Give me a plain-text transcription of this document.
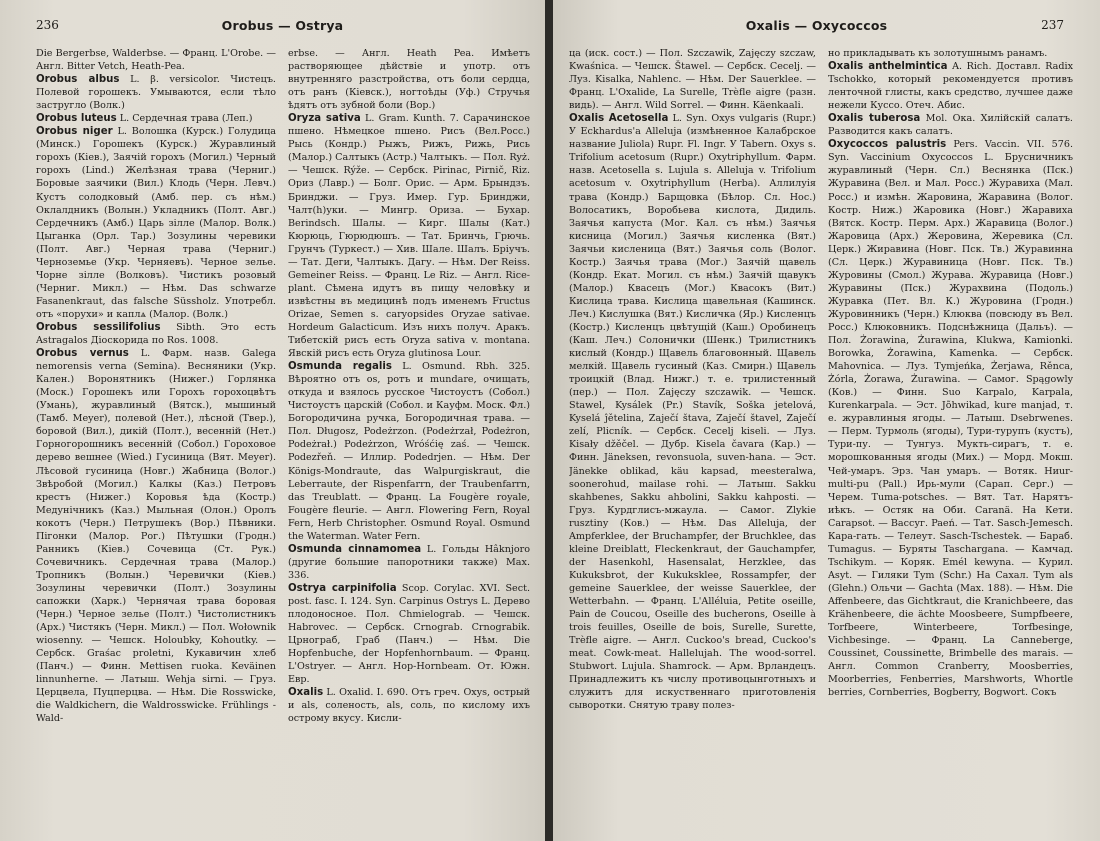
236	Orobus — Ostrya

Die Bergerbse, Walderbse. — Франц. L'Orobe. — Англ. Bitter Vetch, Heath-Pea.

Orobus albus L. β. versicolor. Чистецъ. Полевой горошекъ. Умываются, если тѣло застругло (Волк.)

Orobus luteus L. Сердечная трава (Леп.)

Orobus niger L. Волошка (Курск.) Голудица (Минск.) Горошекъ (Курск.) Журавлиный горохъ (Кіев.), Заячій горохъ (Могил.) Черный горохъ (Lind.) Желѣзная трава (Черниг.) Боровые заячики (Вил.) Клодь (Черн. Левч.) Кустъ солодковый (Амб. пер. съ нѣм.) Оклалдникъ (Волын.) Укладникъ (Полт. Авг.) Сердечникъ (Амб.) Царь зілле (Малор. Волк.) Цыганка (Орл. Тар.) Зозулины черевики (Полт. Авг.) Черная трава (Черниг.) Черноземье (Укр. Черняевъ). Черное зелье. Чорне зілле (Волковъ). Чистикъ розовый (Черниг. Микл.) — Нѣм. Das schwarze Fasanenkraut, das falsche Süssholz. Употребл. отъ «порухи» и каплѧ (Малор. (Волк.)

Orobus sessilifolius Sibth. Это есть Astragalos Діоскорида по Ros. 1008.

Orobus vernus L. Фарм. назв. Galega nemorensis verna (Semina). Весняники (Укр. Кален.) Воронятникъ (Нижег.) Горлянка (Моск.) Горошекъ или Горохъ горохоцвѣтъ (Умань), журавлиный (Вятск.), мышиный (Тамб. Meyer), полевой (Нет.), лѣсной (Твер.), боровой (Вил.), дикій (Полт.), весенній (Нет.) Горногорошникъ весенній (Собол.) Гороховое дерево вешнее (Wied.) Гусиница (Вят. Meyer). Лѣсовой гусиница (Новг.) Жабница (Волог.) Звѣробой (Могил.) Калкы (Каз.) Петровъ крестъ (Нижег.) Коровья ѣда (Костр.) Медунічникъ (Каз.) Мыльная (Олон.) Оролъ кокотъ (Черн.) Петрушекъ (Вор.) Пѣвники. Пігонки (Малор. Рог.) Пѣтушки (Гродн.) Ранникъ (Кіев.) Сочевица (Ст. Рук.) Сочевичникъ. Сердечная трава (Малор.) Тропникъ (Волын.) Черевички (Кіев.) Зозулины черевички (Полт.) Зозулины сапожки (Харк.) Чернячая трава боровая (Черн.) Черное зелье (Полт.) Чистолистникъ (Арх.) Чистякъ (Черн. Микл.) — Пол. Wołownik wiosenny. — Чешск. Holoubky, Kohoutky. — Сербск. Graśac proletni, Кукавичин хлеб (Панч.) — Финн. Mettisen ruoka. Keväinen linnunherne. — Латыш. Wehja sirni. — Груз. Церцвела, Пуцперцва. — Нѣм. Die Rosswicke, die Waldkichern, die Waldrosswicke. Frühlings - Wald-

erbse. — Англ. Heath Pea. Имѣетъ растворяющее дѣйствіе и употр. отъ внутренняго разстройства, отъ боли сердца, отъ ранъ (Кіевск.), ногтоѣды (Уф.) Стручья ѣдятъ отъ зубной боли (Вор.)

Oryza sativa L. Gram. Kunth. 7. Сарачинское пшено. Нѣмецкое пшено. Рисъ (Вел.Росс.) Рысь (Кондр.) Рыжъ, Рижъ, Рижь, Рись (Малор.) Салтыкъ (Астр.) Чалтыкъ. — Пол. Ryż. — Чешск. Rýže. — Сербск. Pirinac, Pirnič, Riz. Ориз (Лавр.) — Болг. Орис. — Арм. Брындзъ. Бринджи. — Груз. Имер. Гур. Бринджи, Чалт(h)уки. — Мингр. Ориза. — Бухар. Berindsch. Шалы. — Кирг. Шалы (Кат.) Кюрюць, Гюрюдюшъ. — Тат. Бринчь, Грючь. Грунчъ (Туркест.) — Хив. Шале. Шалъ. Брiучъ. — Тат. Деги, Чалтыкъ. Дагу. — Нѣм. Der Reiss. Gemeiner Reiss. — Франц. Le Riz. — Англ. Rice-plant. Сѣмена идутъ въ пищу человѣку и извѣстны въ медицинѣ подъ именемъ Fructus Orizae, Semen s. caryopsides Oryzae sativae. Hordeum Galacticum. Изъ нихъ получ. Аракъ. Тибетскій рисъ есть Oryza sativa v. montana. Явскій рисъ есть Oryza glutinosa Lour.

Osmunda regalis L. Osmund. Rbh. 325. Вѣроятно отъ os, ротъ и mundare, очищать, откуда и взялось русское Чистоустъ (Собол.) Чистоустъ царскій (Собол. и Кауфм. Моск. Фл.) Богородичина ручка, Богородичная трава. — Пол. Długosz, Podeżrzon. (Podeżrzał, Podeżron, Podeżrał.) Podeżrzon, Wróśćię zaś. — Чешск. Podezřeň. — Иллир. Podedrjen. — Нѣм. Der Königs-Mondraute, das Walpurgiskraut, die Leberraute, der Rispenfarrn, der Traubenfarrn, das Treublatt. — Франц. La Fougère royale, Fougère fleurie. — Англ. Flowering Fern, Royal Fern, Herb Christopher. Osmund Royal. Osmund the Waterman. Water Fern.

Osmunda cinnamomea L. Гольды Hâknjoro (другие большие папоротники также) Max. 336.

Ostrya carpinifolia Scop. Corylac. XVI. Sect. post. fasc. I. 124. Syn. Carpinus Ostrys L. Дерево плодоносное. Пол. Chmielograb. — Чешск. Habrovec. — Сербск. Crnograb. Crnograbik. Црнограб, Граб (Панч.) — Нѣм. Die Hopfenbuche, der Hopfenhornbaum. — Франц. L'Ostryer. — Англ. Hop-Hornbeam. От. Южн. Евр.

Oxalis L. Oxalid. I. 690. Отъ греч. Oxys, острый и als, соленость, als, соль, по кислому ихъ острому вкусу. Кисли-

Oxalis — Oxycoccos	237

ца (иск. сост.) — Пол. Szczawik, Zajęczy szczaw, Kwaśnica. — Чешск. Štawel. — Сербск. Cecelj. — Луз. Kisalka, Nahlenc. — Нѣм. Der Sauerklee. — Франц. L'Oxalide, La Surelle, Trèfle aigre (разн. видь). — Англ. Wild Sorrel. — Финн. Käenkaali.

Oxalis Acetosella L. Syn. Oxys vulgaris (Rupr.) У Eckhardus'a Alleluja (измѣненное Калабрское название Juliola) Rupr. Fl. Ingr. У Tabern. Oxys s. Trifolium acetosum (Rupr.) Oxytriphyllum. Фарм. назв. Acetosella s. Lujula s. Alleluja v. Trifolium acetosum v. Oxytriphyllum (Herba). Аллилуія трава (Кондр.) Барщовка (Бѣлор. Сл. Нос.) Волосатикъ, Воробьева кислота, Дидиль. Заячья капуста (Мог. Кал. съ нѣм.) Заячья кисница (Могил.) Заячья кисленка (Вят.) Заячьи кисленица (Вят.) Заячья соль (Волог. Костр.) Заячья трава (Мог.) Заячій щавель (Кондр. Екат. Могил. съ нѣм.) Заячій щавукъ (Малор.) Квасецъ (Мог.) Квасокъ (Вит.) Кислица трава. Кислица щавельная (Кашинск. Леч.) Кислушка (Вят.) Кисличка (Яр.) Кисленцъ (Костр.) Кисленцъ цвѣтущій (Каш.) Оробинецъ (Каш. Леч.) Солонички (Шенк.) Трилистникъ кислый (Кондр.) Щавель благовонный. Щавель мелкій. Щавель гусиный (Каз. Смирн.) Щавель троицкій (Влад. Нижг.) т. е. трилистенный (пер.) — Пол. Zajęczy szczawik. — Чешск. Stawel, Kysálek (Pr.) Stavík, Soška jetelová, Kyselá ĵětelina, Zaječí štava, Zaječí štavel, Zaječí zelí, Plicník. — Сербск. Cecelj kiseli. — Луз. Kisały džěčel. — Дубр. Kisela čavara (Kap.) — Финн. Jäneksen, revonsuola, suven-hana. — Эст. Jänekke oblikad, käu kapsad, meesteralwa, soonerohud, mailase rohi. — Латыш. Sakku skahbenes, Sakku ahbolini, Sakku kahposti. — Груз. Курдглисъ-мжаула. — Самог. Zlykie rusztiny (Ков.) — Нѣм. Das Alleluja, der Ampferklee, der Bruchampfer, der Bruchklee, das kleine Dreiblatt, Fleckenkraut, der Gauchampfer, der Hasenkohl, Hasensalat, Herzklee, das Kukuksbrot, der Kukuksklee, Rossampfer, der gemeine Sauerklee, der weisse Sauerklee, der Wetterbahn. — Франц. L'Alléluia, Petite oseille, Pain de Coucou, Oseille des bucherons, Oseille à trois feuilles, Oseille de bois, Surelle, Surette, Trèfle aigre. — Англ. Cuckoo's bread, Cuckoo's meat. Cowk-meat. Hallelujah. The wood-sorrel. Stubwort. Lujula. Shamrock. — Арм. Врландецъ. Принадлежитъ къ числу противоцынготныхъ и служитъ для искуственнаго приготовленія сыворотки. Снятую траву полез-

но прикладывать къ золотушнымъ ранамъ.

Oxalis anthelmintica A. Rich. Доставл. Radix Tschokko, который рекомендуется противъ ленточной глисты, какъ средство, лучшее даже нежели Куссо. Отеч. Абис.

Oxalis tuberosa Mol. Ока. Хилійскій салатъ. Разводится какъ салатъ.

Oxycoccos palustris Pers. Vaccin. VII. 576. Syn. Vaccinium Oxycoccos L. Брусничникъ журавлиный (Черн. Сл.) Веснянка (Пск.) Журавина (Вел. и Мал. Росс.) Журавиха (Мал. Росс.) и измѣн. Жаровина, Жаравина (Волог. Костр. Ниж.) Жаровика (Новг.) Жаравиха (Вятск. Костр. Перм. Арх.) Жаравица (Волог.) Жаровица (Арх.) Жеровина, Жеревика (Сл. Церк.) Жиравина (Новг. Пск. Тв.) Журавинна (Сл. Церк.) Журавиница (Новг. Пск. Тв.) Журовины (Смол.) Журава. Журавица (Новг.) Журавины (Пск.) Журахвина (Подоль.) Журавка (Пет. Вл. К.) Журовина (Гродн.) Журовинникъ (Черн.) Клюква (повсюду въ Вел. Росс.) Клюковникъ. Подснѣжница (Дальъ). — Пол. Żorawina, Żurawina, Klukwa, Kamionki. Borowka, Żorawina, Kamenka. — Сербск. Mahovnica. — Луз. Tymjeńka, Żerjawa, Rěnca, Żórla, Żorawa, Żurawina. — Самог. Spągowly (Ков.) — Финн. Suo Karpalo, Karpala, Kurenkarpala. — Эст. Jõhwikad, kure manjad, т. е. журавлиныя ягоды. — Латыш. Dsebrwenes. — Перм. Турмоль (ягоды), Тури-турупъ (кустъ), Тури-пу. — Тунгуз. Мукть-сирагъ, т. е. морошкованныя ягоды (Мих.) — Морд. Мокш. Чей-умаръ. Эрз. Чан умаръ. — Вотяк. Ниur-multi-pu (Pall.) Ирь-мули (Сарап. Серг.) — Черем. Tuma-potsches. — Вят. Тат. Нарятъ-иѣкъ. — Остяк на Оби. Caranä. На Кети. Carapsot. — Вассуг. Paeń. — Тат. Sasch-Jemesch. Кара-гать. — Телеут. Sasch-Tschestek. — Бараб. Tumagus. — Буряты Taschargana. — Камчад. Tschikym. — Коряк. Emél kewyna. — Курил. Asyt. — Гиляки Tym (Schr.) На Сахал. Tym als (Glehn.) Ольчи — Gachta (Max. 188). — Нѣм. Die Affenbeere, das Gichtkraut, die Kranichbeere, das Krähenbeere, die ächte Moosbeere, Sumpfbeere, Torfbeere, Winterbeere, Torfbesinge, Vichbesinge. — Франц. La Canneberge, Coussinet, Coussinette, Brimbelle des marais. — Англ. Common Cranberry, Moosberries, Moorberries, Fenberries, Marshworts, Whortle berries, Cornberries, Bogberry, Bogwort. Сокъ
